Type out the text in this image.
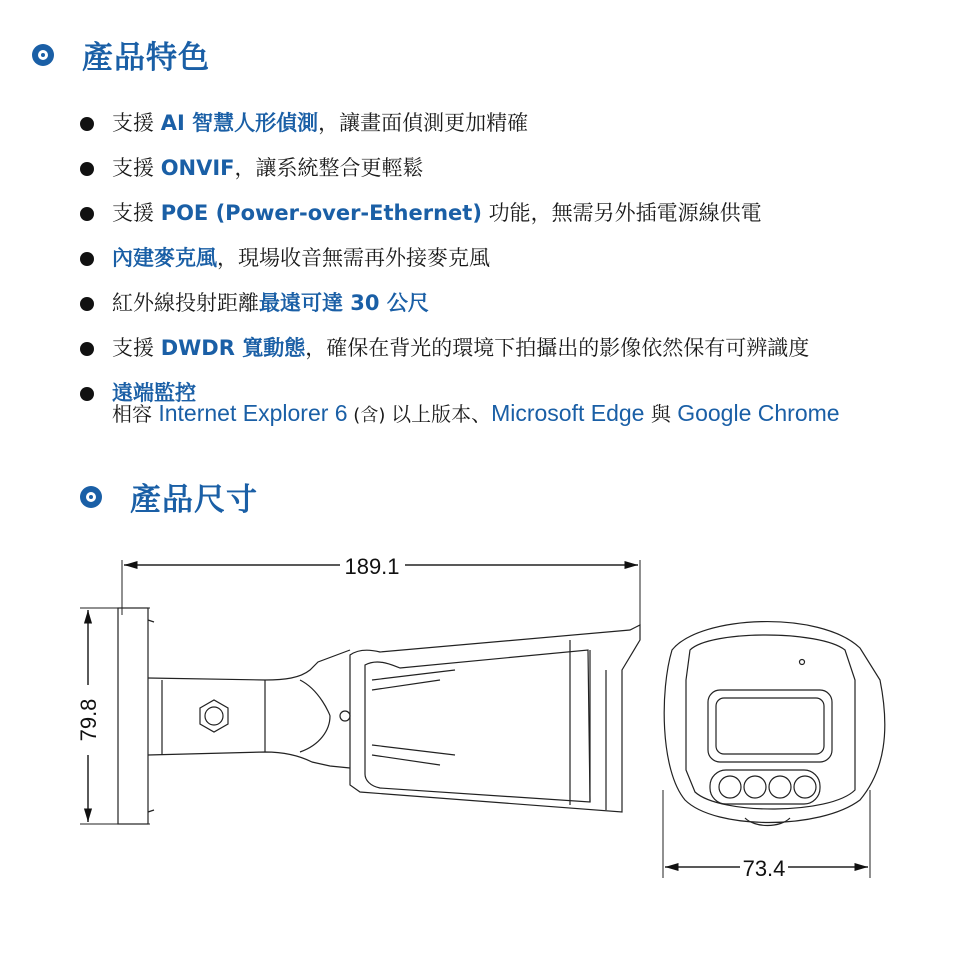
產品特色
支援 AI 智慧人形偵測，讓畫面偵測更加精確
支援 ONVIF，讓系統整合更輕鬆
支援 POE (Power-over-Ethernet) 功能，無需另外插電源線供電
內建麥克風，現場收音無需再外接麥克風
紅外線投射距離最遠可達 30 公尺
支援 DWDR 寬動態，確保在背光的環境下拍攝出的影像依然保有可辨識度
遠端監控
相容 Internet Explorer 6 (含) 以上版本、Microsoft Edge 與 Google Chrome
產品尺寸
189.1
79.8
73.4
